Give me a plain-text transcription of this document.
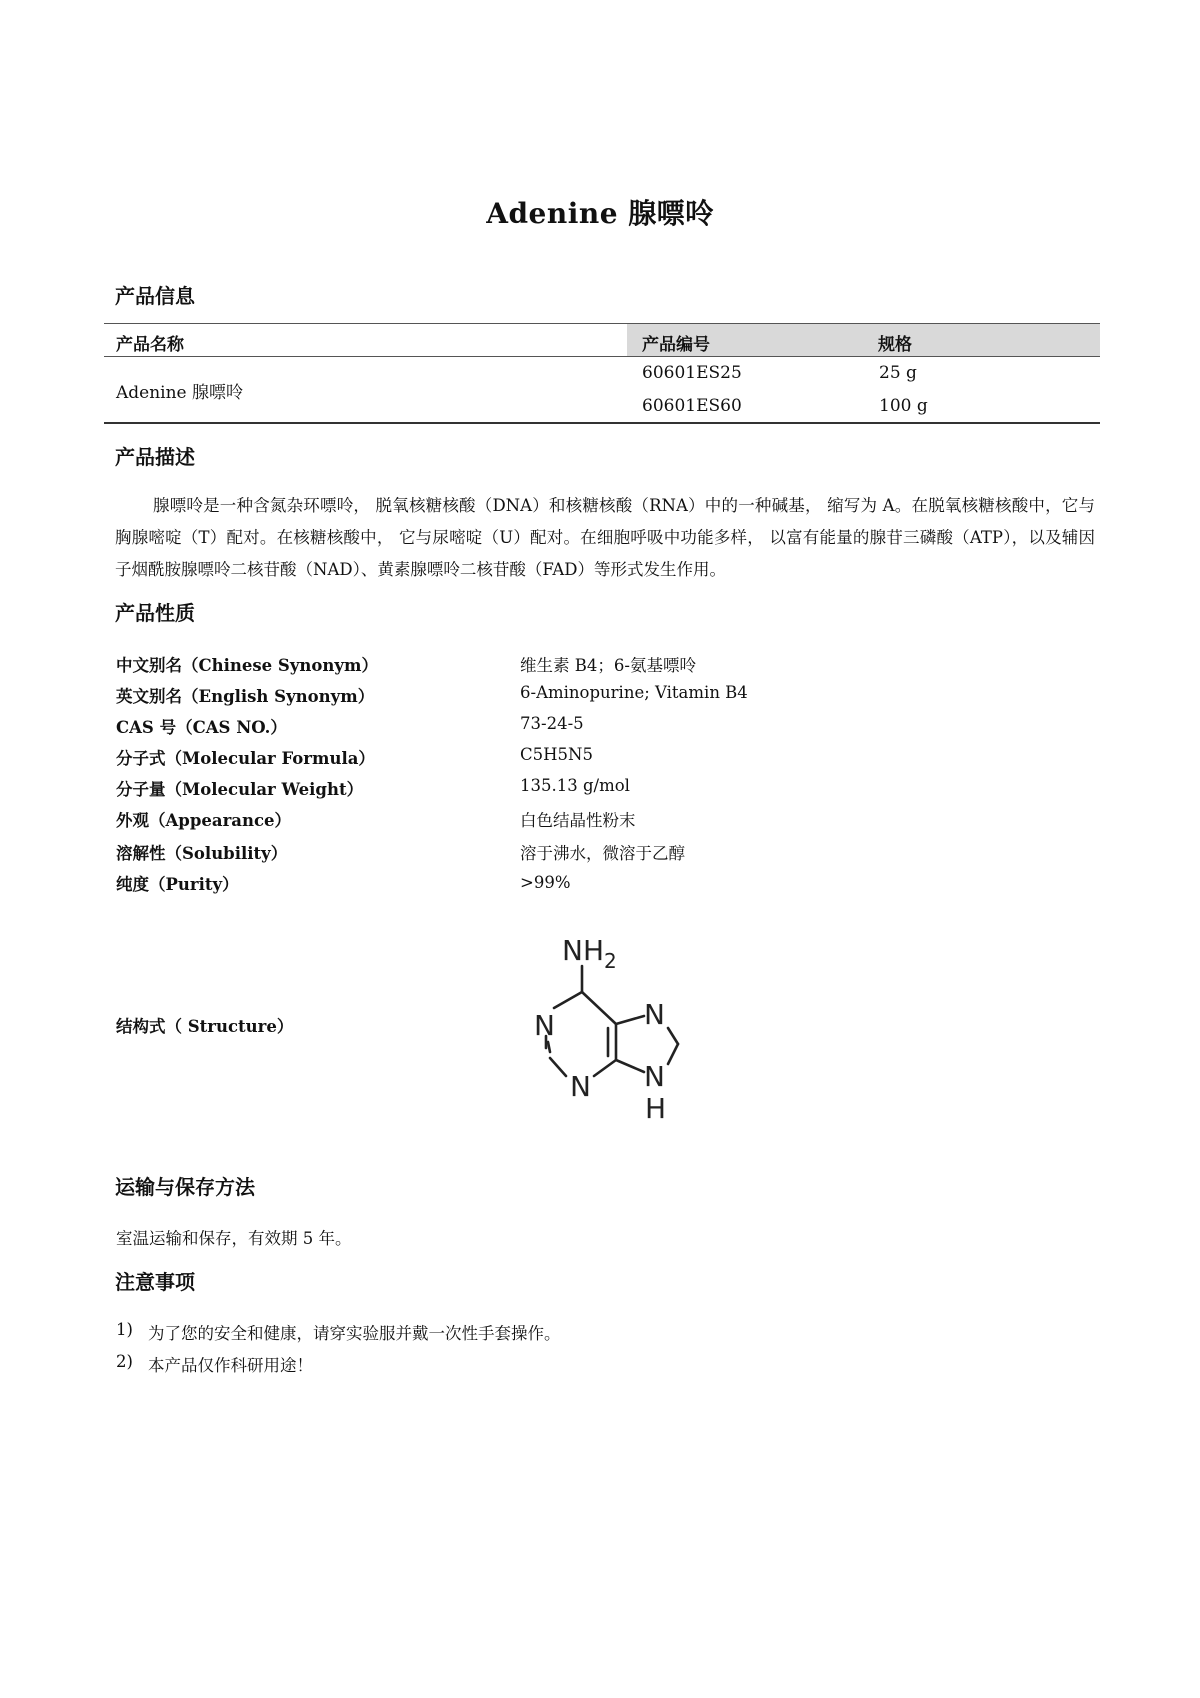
Adenine 腺嘌呤
产品信息
产品名称	产品编号	规格
Adenine 腺嘌呤
60601ES25	25 g
60601ES60	100 g
产品描述
腺嘌呤是一种含氮杂环嘌呤， 脱氧核糖核酸（DNA）和核糖核酸（RNA）中的一种碱基， 缩写为 A。在脱氧核糖核酸中，它与胸腺嘧啶（T）配对。在核糖核酸中， 它与尿嘧啶（U）配对。在细胞呼吸中功能多样， 以富有能量的腺苷三磷酸（ATP），以及辅因子烟酰胺腺嘌呤二核苷酸（NAD）、黄素腺嘌呤二核苷酸（FAD）等形式发生作用。
产品性质
中文别名（Chinese Synonym）	维生素 B4；6-氨基嘌呤
英文别名（English Synonym）	6-Aminopurine; Vitamin B4
CAS 号（CAS NO.）	73-24-5
分子式（Molecular Formula）	C5H5N5
分子量（Molecular Weight）	135.13 g/mol
外观（Appearance）	白色结晶性粉末
溶解性（Solubility）	溶于沸水，微溶于乙醇
纯度（Purity）	>99%
结构式（ Structure）
$NH_2$
N
N
N
N
H
运输与保存方法
室温运输和保存，有效期 5 年。
注意事项
1) 为了您的安全和健康，请穿实验服并戴一次性手套操作。
2) 本产品仅作科研用途！
